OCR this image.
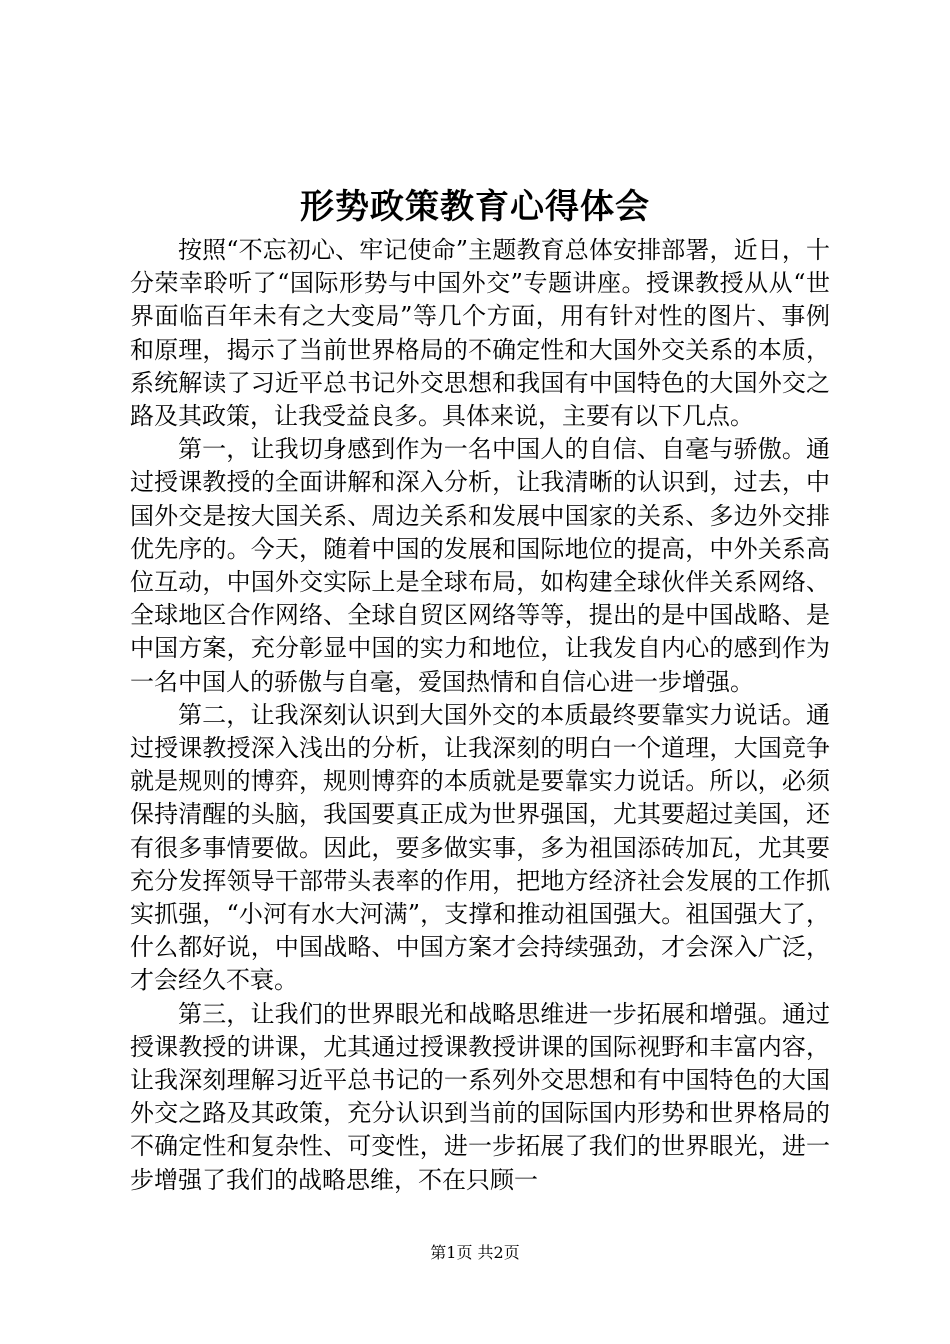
形势政策教育心得体会

按照“不忘初心、牢记使命”主题教育总体安排部署，近日，十分荣幸聆听了“国际形势与中国外交”专题讲座。授课教授从从“世界面临百年未有之大变局”等几个方面，用有针对性的图片、事例和原理，揭示了当前世界格局的不确定性和大国外交关系的本质，系统解读了习近平总书记外交思想和我国有中国特色的大国外交之路及其政策，让我受益良多。具体来说，主要有以下几点。

第一，让我切身感到作为一名中国人的自信、自毫与骄傲。通过授课教授的全面讲解和深入分析，让我清晰的认识到，过去，中国外交是按大国关系、周边关系和发展中国家的关系、多边外交排优先序的。今天，随着中国的发展和国际地位的提高，中外关系高位互动，中国外交实际上是全球布局，如构建全球伙伴关系网络、全球地区合作网络、全球自贸区网络等等，提出的是中国战略、是中国方案，充分彰显中国的实力和地位，让我发自内心的感到作为一名中国人的骄傲与自毫，爱国热情和自信心进一步增强。

第二，让我深刻认识到大国外交的本质最终要靠实力说话。通过授课教授深入浅出的分析，让我深刻的明白一个道理，大国竞争就是规则的博弈，规则博弈的本质就是要靠实力说话。所以，必须保持清醒的头脑，我国要真正成为世界强国，尤其要超过美国，还有很多事情要做。因此，要多做实事，多为祖国添砖加瓦，尤其要充分发挥领导干部带头表率的作用，把地方经济社会发展的工作抓实抓强，“小河有水大河满”，支撑和推动祖国强大。祖国强大了，什么都好说，中国战略、中国方案才会持续强劲，才会深入广泛，才会经久不衰。

第三，让我们的世界眼光和战略思维进一步拓展和增强。通过授课教授的讲课，尤其通过授课教授讲课的国际视野和丰富内容，让我深刻理解习近平总书记的一系列外交思想和有中国特色的大国外交之路及其政策，充分认识到当前的国际国内形势和世界格局的不确定性和复杂性、可变性，进一步拓展了我们的世界眼光，进一步增强了我们的战略思维，不在只顾一

第1页 共2页
